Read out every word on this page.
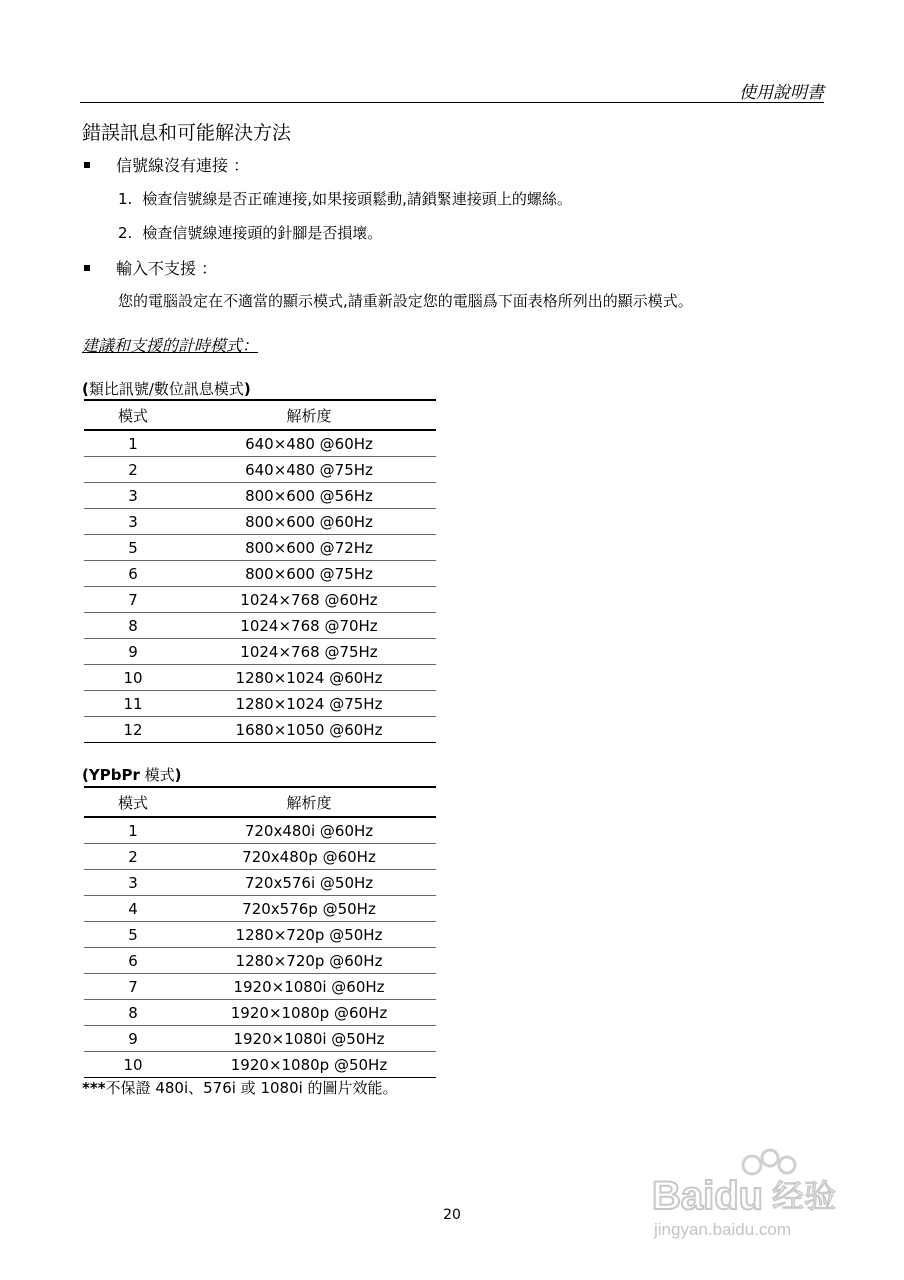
使用說明書
錯誤訊息和可能解決方法
信號線沒有連接 ：
1. 檢查信號線是否正確連接,如果接頭鬆動,請鎖緊連接頭上的螺絲。
2. 檢查信號線連接頭的針腳是否損壞。
輸入不支援 ：
您的電腦設定在不適當的顯示模式,請重新設定您的電腦爲下面表格所列出的顯示模式。
建議和支援的計時模式：
(類比訊號/數位訊息模式)
模式	解析度
1	640×480 @60Hz
2	640×480 @75Hz
3	800×600 @56Hz
3	800×600 @60Hz
5	800×600 @72Hz
6	800×600 @75Hz
7	1024×768 @60Hz
8	1024×768 @70Hz
9	1024×768 @75Hz
10	1280×1024 @60Hz
11	1280×1024 @75Hz
12	1680×1050 @60Hz
(YPbPr 模式)
模式	解析度
1	720x480i @60Hz
2	720x480p @60Hz
3	720x576i @50Hz
4	720x576p @50Hz
5	1280×720p @50Hz
6	1280×720p @60Hz
7	1920×1080i @60Hz
8	1920×1080p @60Hz
9	1920×1080i @50Hz
10	1920×1080p @50Hz
***不保證 480i、576i 或 1080i 的圖片效能。
20	Baidu 经验
jingyan.baidu.com
